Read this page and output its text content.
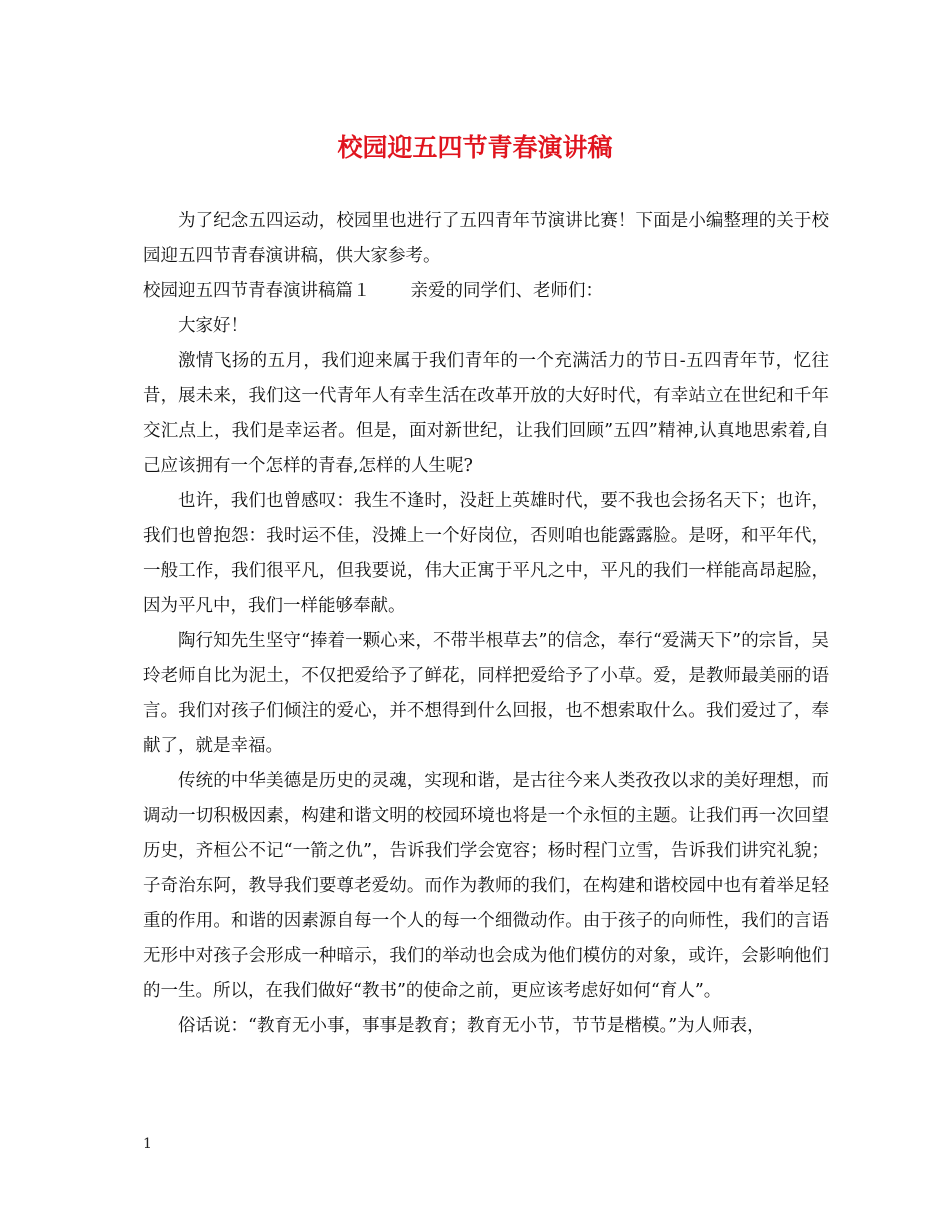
校园迎五四节青春演讲稿

为了纪念五四运动，校园里也进行了五四青年节演讲比赛！下面是小编整理的关于校园迎五四节青春演讲稿，供大家参考。

校园迎五四节青春演讲稿篇１ 亲爱的同学们、老师们：

大家好！

激情飞扬的五月，我们迎来属于我们青年的一个充满活力的节日-五四青年节，忆往昔，展未来，我们这一代青年人有幸生活在改革开放的大好时代，有幸站立在世纪和千年交汇点上，我们是幸运者。但是，面对新世纪，让我们回顾”五四”精神,认真地思索着,自己应该拥有一个怎样的青春,怎样的人生呢?

也许，我们也曾感叹：我生不逢时，没赶上英雄时代，要不我也会扬名天下；也许，我们也曾抱怨：我时运不佳，没摊上一个好岗位，否则咱也能露露脸。是呀，和平年代，一般工作，我们很平凡，但我要说，伟大正寓于平凡之中，平凡的我们一样能高昂起脸，因为平凡中，我们一样能够奉献。

陶行知先生坚守“捧着一颗心来，不带半根草去”的信念，奉行“爱满天下”的宗旨，吴玲老师自比为泥土，不仅把爱给予了鲜花，同样把爱给予了小草。爱，是教师最美丽的语言。我们对孩子们倾注的爱心，并不想得到什么回报，也不想索取什么。我们爱过了，奉献了，就是幸福。

传统的中华美德是历史的灵魂，实现和谐，是古往今来人类孜孜以求的美好理想，而调动一切积极因素，构建和谐文明的校园环境也将是一个永恒的主题。让我们再一次回望历史，齐桓公不记“一箭之仇”，告诉我们学会宽容；杨时程门立雪，告诉我们讲究礼貌；子奇治东阿，教导我们要尊老爱幼。而作为教师的我们，在构建和谐校园中也有着举足轻重的作用。和谐的因素源自每一个人的每一个细微动作。由于孩子的向师性，我们的言语无形中对孩子会形成一种暗示，我们的举动也会成为他们模仿的对象，或许，会影响他们的一生。所以，在我们做好“教书”的使命之前，更应该考虑好如何“育人”。

俗话说：“教育无小事，事事是教育；教育无小节，节节是楷模。”为人师表，

1
